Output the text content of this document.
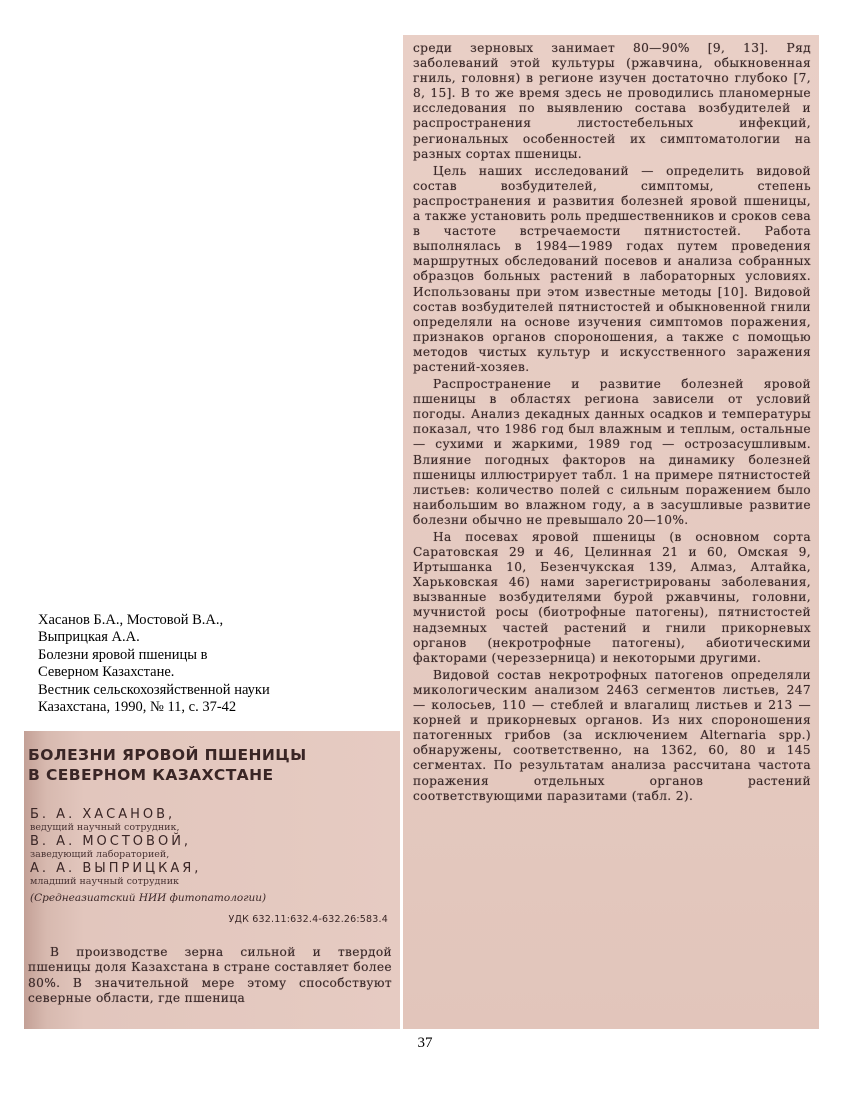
среди зерновых занимает 80—90% [9, 13]. Ряд заболеваний этой культуры (ржавчина, обыкновенная гниль, головня) в регионе изучен достаточно глубоко [7, 8, 15]. В то же время здесь не проводились планомерные исследования по выявлению состава возбудителей и распространения листостебельных инфекций, региональных особенностей их симптоматологии на разных сортах пшеницы.

Цель наших исследований — определить видовой состав возбудителей, симптомы, степень распространения и развития болезней яровой пшеницы, а также установить роль предшественников и сроков сева в частоте встречаемости пятнистостей. Работа выполнялась в 1984—1989 годах путем проведения маршрутных обследований посевов и анализа собранных образцов больных растений в лабораторных условиях. Использованы при этом известные методы [10]. Видовой состав возбудителей пятнистостей и обыкновенной гнили определяли на основе изучения симптомов поражения, признаков органов спороношения, а также с помощью методов чистых культур и искусственного заражения растений-хозяев.

Распространение и развитие болезней яровой пшеницы в областях региона зависели от условий погоды. Анализ декадных данных осадков и температуры показал, что 1986 год был влажным и теплым, остальные — сухими и жаркими, 1989 год — острозасушливым. Влияние погодных факторов на динамику болезней пшеницы иллюстрирует табл. 1 на примере пятнистостей листьев: количество полей с сильным поражением было наибольшим во влажном году, а в засушливые развитие болезни обычно не превышало 20—10%.

На посевах яровой пшеницы (в основном сорта Саратовская 29 и 46, Целинная 21 и 60, Омская 9, Иртышанка 10, Безенчукская 139, Алмаз, Алтайка, Харьковская 46) нами зарегистрированы заболевания, вызванные возбудителями бурой ржавчины, головни, мучнистой росы (биотрофные патогены), пятнистостей надземных частей растений и гнили прикорневых органов (некротрофные патогены), абиотическими факторами (череззерница) и некоторыми другими.

Видовой состав некротрофных патогенов определяли микологическим анализом 2463 сегментов листьев, 247 — колосьев, 110 — стеблей и влагалищ листьев и 213 — корней и прикорневых органов. Из них спороношения патогенных грибов (за исключением Alternaria spp.) обнаружены, соответственно, на 1362, 60, 80 и 145 сегментах. По результатам анализа рассчитана частота поражения отдельных органов растений соответствующими паразитами (табл. 2).

Хасанов Б.А., Мостовой В.А.,
Выприцкая А.А.
Болезни яровой пшеницы в
Северном Казахстане.
Вестник сельскохозяйственной науки
Казахстана, 1990, № 11, с. 37-42
БОЛЕЗНИ ЯРОВОЙ ПШЕНИЦЫ
В СЕВЕРНОМ КАЗАХСТАНЕ
Б. А. ХАСАНОВ,
ведущий научный сотрудник,
В. А. МОСТОВОЙ,
заведующий лабораторией,
А. А. ВЫПРИЦКАЯ,
младший научный сотрудник
(Среднеазиатский НИИ фитопатологии)
УДК 632.11:632.4-632.26:583.4
В производстве зерна сильной и твердой пшеницы доля Казахстана в стране составляет более 80%. В значительной мере этому способствуют северные области, где пшеница
37
